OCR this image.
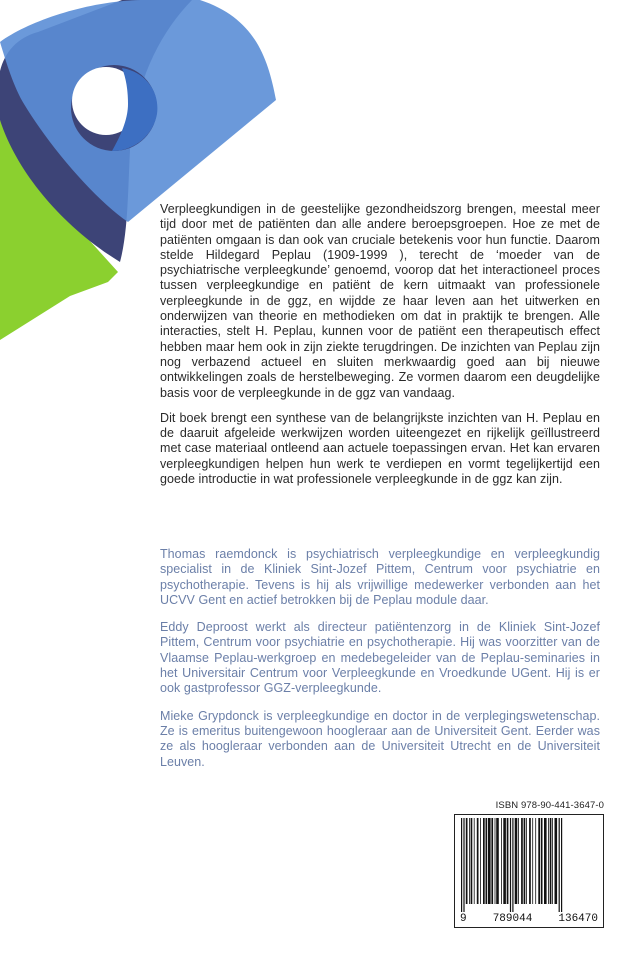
Verpleegkundigen in de geestelijke gezondheidszorg brengen, meestal meer tijd door met de patiënten dan alle andere beroepsgroepen. Hoe ze met de patiënten omgaan is dan ook van cruciale betekenis voor hun functie. Daarom stelde Hildegard Peplau (1909-1999 ), terecht de ‘moeder van de psychiatrische verpleegkunde’ genoemd, voorop dat het interactioneel proces tussen verpleegkundige en patiënt de kern uitmaakt van professionele verpleegkunde in de ggz, en wijdde ze haar leven aan het uitwerken en onderwijzen van theorie en methodieken om dat in praktijk te brengen. Alle interacties, stelt H. Peplau, kunnen voor de patiënt een therapeutisch effect hebben maar hem ook in zijn ziekte terugdringen. De inzichten van Peplau zijn nog verbazend actueel en sluiten merkwaardig goed aan bij nieuwe ontwikkelingen zoals de herstelbeweging. Ze vormen daarom een deugdelijke basis voor de verpleegkunde in de ggz van vandaag.

Dit boek brengt een synthese van de belangrijkste inzichten van H. Peplau en de daaruit afgeleide werkwijzen worden uiteengezet en rijkelijk geïllustreerd met case materiaal ontleend aan actuele toepassingen ervan. Het kan ervaren verpleegkundigen helpen hun werk te verdiepen en vormt tegelijkertijd een goede introductie in wat professionele verpleegkunde in de ggz kan zijn.

Thomas raemdonck is psychiatrisch verpleegkundige en verpleegkundig specialist in de Kliniek Sint-Jozef Pittem, Centrum voor psychiatrie en psychotherapie. Tevens is hij als vrijwillige medewerker verbonden aan het UCVV Gent en actief betrokken bij de Peplau module daar.

Eddy Deproost werkt als directeur patiëntenzorg in de Kliniek Sint-Jozef Pittem, Centrum voor psychiatrie en psychotherapie. Hij was voorzitter van de Vlaamse Peplau-werkgroep en medebegeleider van de Peplau-seminaries in het Universitair Centrum voor Verpleegkunde en Vroedkunde UGent. Hij is er ook gastprofessor GGZ-verpleegkunde.

Mieke Grypdonck is verpleegkundige en doctor in de verplegingswetenschap. Ze is emeritus buitengewoon hoogleraar aan de Universiteit Gent. Eerder was ze als hoogleraar verbonden aan de Universiteit Utrecht en de Universiteit Leuven.

ISBN 978-90-441-3647-0
9 789044 136470
